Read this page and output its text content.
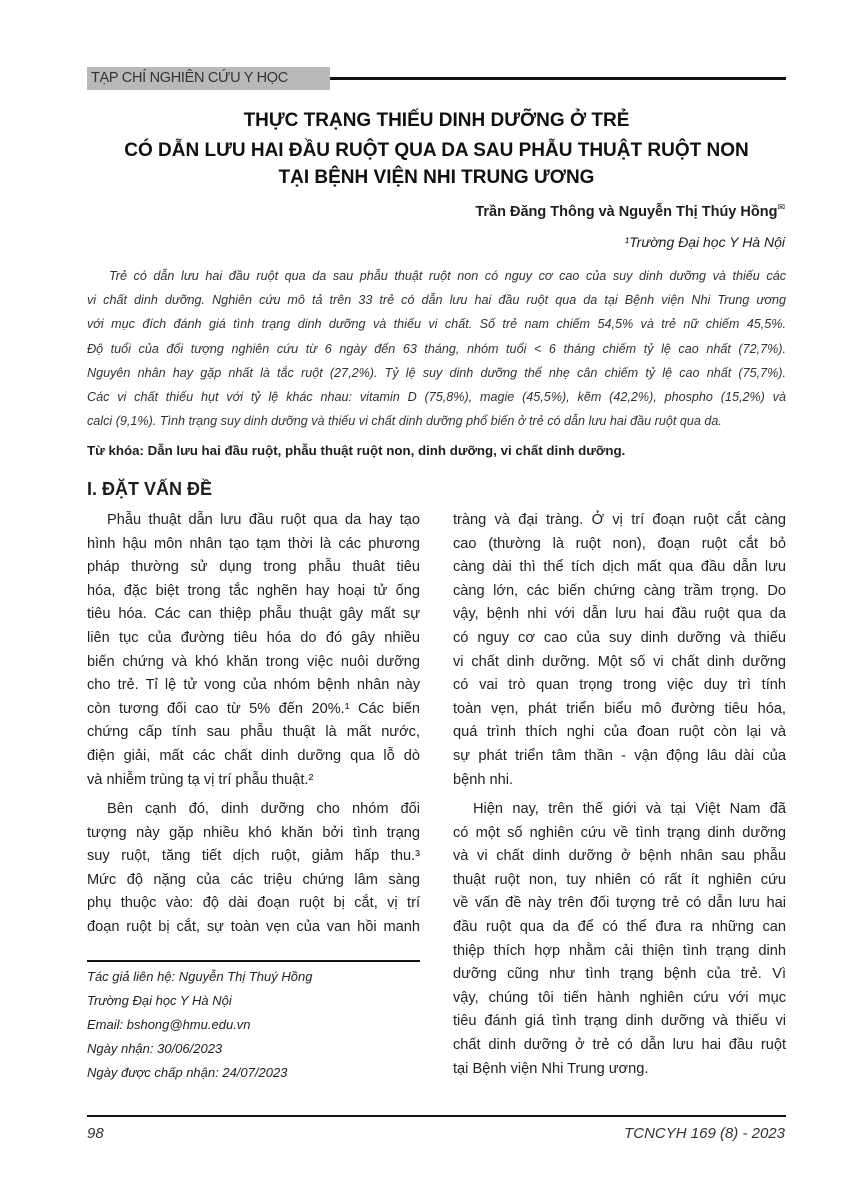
TẠP CHÍ NGHIÊN CỨU Y HỌC
THỰC TRẠNG THIẾU DINH DƯỠNG Ở TRẺ
CÓ DẪN LƯU HAI ĐẦU RUỘT QUA DA SAU PHẪU THUẬT RUỘT NON
TẠI BỆNH VIỆN NHI TRUNG ƯƠNG
Trần Đăng Thông và Nguyễn Thị Thúy Hồng✉
¹Trường Đại học Y Hà Nội
Trẻ có dẫn lưu hai đầu ruột qua da sau phẫu thuật ruột non có nguy cơ cao của suy dinh dưỡng và thiếu các
vi chất dinh dưỡng. Nghiên cứu mô tả trên 33 trẻ có dẫn lưu hai đầu ruột qua da tại Bệnh viện Nhi Trung ương
với mục đích đánh giá tình trạng dinh dưỡng và thiếu vi chất. Số trẻ nam chiếm 54,5% và trẻ nữ chiếm 45,5%.
Độ tuổi của đối tượng nghiên cứu từ 6 ngày đến 63 tháng, nhóm tuổi < 6 tháng chiếm tỷ lệ cao nhất (72,7%).
Nguyên nhân hay gặp nhất là tắc ruột (27,2%). Tỷ lệ suy dinh dưỡng thể nhẹ cân chiếm tỷ lệ cao nhất (75,7%).
Các vi chất thiếu hụt với tỷ lệ khác nhau: vitamin D (75,8%), magie (45,5%), kẽm (42,2%), phospho (15,2%) và
calci (9,1%). Tình trạng suy dinh dưỡng và thiếu vi chất dinh dưỡng phổ biến ở trẻ có dẫn lưu hai đầu ruột qua da.
Từ khóa: Dẫn lưu hai đầu ruột, phẫu thuật ruột non, dinh dưỡng, vi chất dinh dưỡng.
I. ĐẶT VẤN ĐỀ
Phẫu thuật dẫn lưu đầu ruột qua da hay tạo
hình hậu môn nhân tạo tạm thời là các phương
pháp thường sử dụng trong phẫu thuât tiêu
hóa, đặc biệt trong tắc nghẽn hay hoại tử ống
tiêu hóa. Các can thiệp phẫu thuật gây mất sự
liên tục của đường tiêu hóa do đó gây nhiều
biến chứng và khó khăn trong việc nuôi dưỡng
cho trẻ. Tỉ lệ tử vong của nhóm bệnh nhân này
còn tương đối cao từ 5% đến 20%.¹ Các biến
chứng cấp tính sau phẫu thuật là mất nước,
điện giải, mất các chất dinh dưỡng qua lỗ dò
và nhiễm trùng tạ vị trí phẫu thuật.²
Bên cạnh đó, dinh dưỡng cho nhóm đối
tượng này gặp nhiều khó khăn bởi tình trạng
suy ruột, tăng tiết dịch ruột, giảm hấp thu.³
Mức độ nặng của các triệu chứng lâm sàng
phụ thuộc vào: độ dài đoạn ruột bị cắt, vị trí
đoạn ruột bị cắt, sự toàn vẹn của van hồi manh
Tác giả liên hệ: Nguyễn Thị Thuý Hồng
Trường Đại học Y Hà Nội
Email: bshong@hmu.edu.vn
Ngày nhận: 30/06/2023
Ngày được chấp nhận: 24/07/2023
tràng và đại tràng. Ở vị trí đoạn ruột cắt càng
cao (thường là ruột non), đoạn ruột cắt bỏ
càng dài thì thể tích dịch mất qua đầu dẫn lưu
càng lớn, các biến chứng càng trầm trọng. Do
vậy, bệnh nhi với dẫn lưu hai đầu ruột qua da
có nguy cơ cao của suy dinh dưỡng và thiếu
vi chất dinh dưỡng. Một số vi chất dinh dưỡng
có vai trò quan trọng trong việc duy trì tính
toàn vẹn, phát triển biểu mô đường tiêu hóa,
quá trình thích nghi của đoan ruột còn lại và
sự phát triển tâm thần - vận động lâu dài của
bệnh nhi.
Hiện nay, trên thế giới và tại Việt Nam đã
có một số nghiên cứu về tình trạng dinh dưỡng
và vi chất dinh dưỡng ở bệnh nhân sau phẫu
thuật ruột non, tuy nhiên có rất ít nghiên cứu
về vấn đề này trên đối tượng trẻ có dẫn lưu hai
đầu ruột qua da để có thể đưa ra những can
thiệp thích hợp nhằm cải thiện tình trạng dinh
dưỡng cũng như tình trạng bệnh của trẻ. Vì
vậy, chúng tôi tiến hành nghiên cứu với mục
tiêu đánh giá tình trạng dinh dưỡng và thiếu vi
chất dinh dưỡng ở trẻ có dẫn lưu hai đầu ruột
tại Bệnh viện Nhi Trung ương.
98	TCNCYH 169 (8) - 2023
